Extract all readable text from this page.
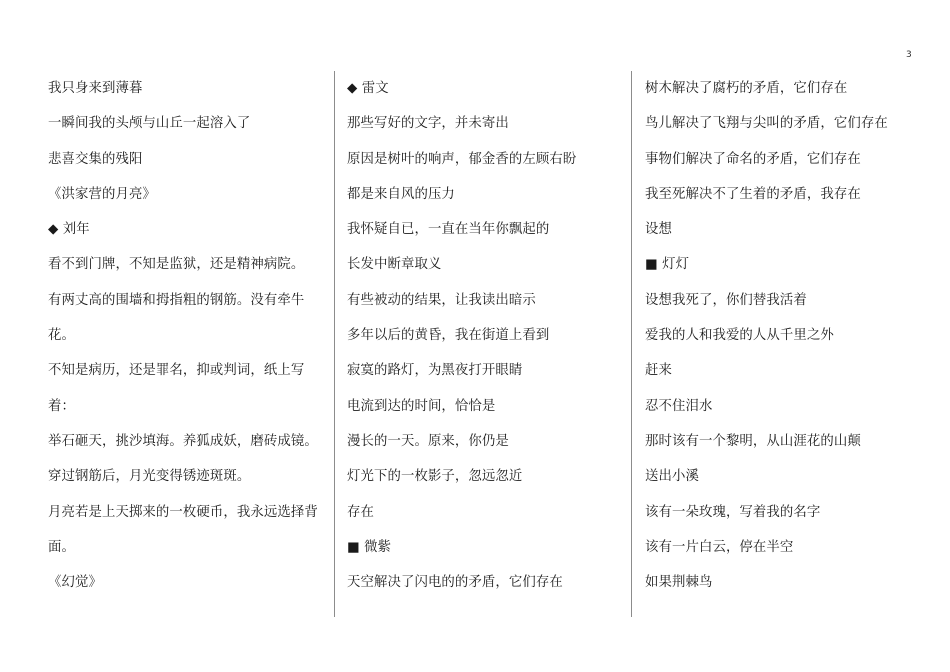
3
我只身来到薄暮
一瞬间我的头颅与山丘一起溶入了
悲喜交集的残阳
《洪家营的月亮》
◆ 刘年
看不到门牌，不知是监狱，还是精神病院。
有两丈高的围墙和拇指粗的钢筋。没有牵牛
花。
不知是病历，还是罪名，抑或判词，纸上写
着：
举石砸天，挑沙填海。养狐成妖，磨砖成镜。
穿过钢筋后，月光变得锈迹斑斑。
月亮若是上天掷来的一枚硬币，我永远选择背
面。
《幻觉》
◆ 雷文
那些写好的文字，并未寄出
原因是树叶的响声，郁金香的左顾右盼
都是来自风的压力
我怀疑自已，一直在当年你飘起的
长发中断章取义
有些被动的结果，让我读出暗示
多年以后的黄昏，我在街道上看到
寂寞的路灯，为黑夜打开眼睛
电流到达的时间，恰恰是
漫长的一天。原来，你仍是
灯光下的一枚影子，忽远忽近
存在
■ 微紫
天空解决了闪电的的矛盾，它们存在
树木解决了腐朽的矛盾，它们存在
鸟儿解决了飞翔与尖叫的矛盾，它们存在
事物们解决了命名的矛盾，它们存在
我至死解决不了生着的矛盾，我存在
设想
■ 灯灯
设想我死了，你们替我活着
爱我的人和我爱的人从千里之外
赶来
忍不住泪水
那时该有一个黎明，从山涯花的山颠
送出小溪
该有一朵玫瑰，写着我的名字
该有一片白云，停在半空
如果荆棘鸟
